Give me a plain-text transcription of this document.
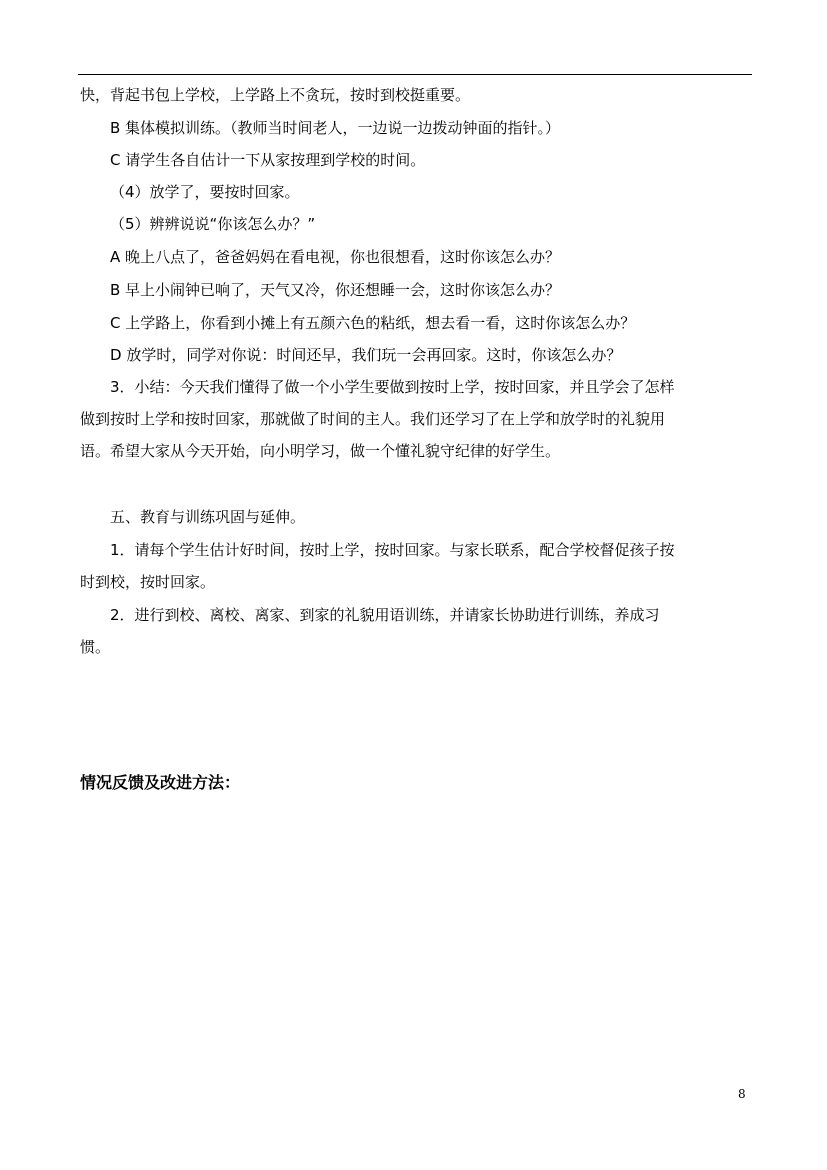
快，背起书包上学校，上学路上不贪玩，按时到校挺重要。
B 集体模拟训练。（教师当时间老人，一边说一边拨动钟面的指针。）
C 请学生各自估计一下从家按理到学校的时间。
（4）放学了，要按时回家。
（5）辨辨说说“你该怎么办？”
A 晚上八点了，爸爸妈妈在看电视，你也很想看，这时你该怎么办？
B 早上小闹钟已响了，天气又冷，你还想睡一会，这时你该怎么办？
C 上学路上，你看到小摊上有五颜六色的粘纸，想去看一看，这时你该怎么办？
D 放学时，同学对你说：时间还早，我们玩一会再回家。这时，你该怎么办？
3．小结：今天我们懂得了做一个小学生要做到按时上学，按时回家，并且学会了怎样
做到按时上学和按时回家，那就做了时间的主人。我们还学习了在上学和放学时的礼貌用
语。希望大家从今天开始，向小明学习，做一个懂礼貌守纪律的好学生。
五、教育与训练巩固与延伸。
1．请每个学生估计好时间，按时上学，按时回家。与家长联系，配合学校督促孩子按
时到校，按时回家。
2．进行到校、离校、离家、到家的礼貌用语训练，并请家长协助进行训练，养成习
惯。
情况反馈及改进方法：
8
